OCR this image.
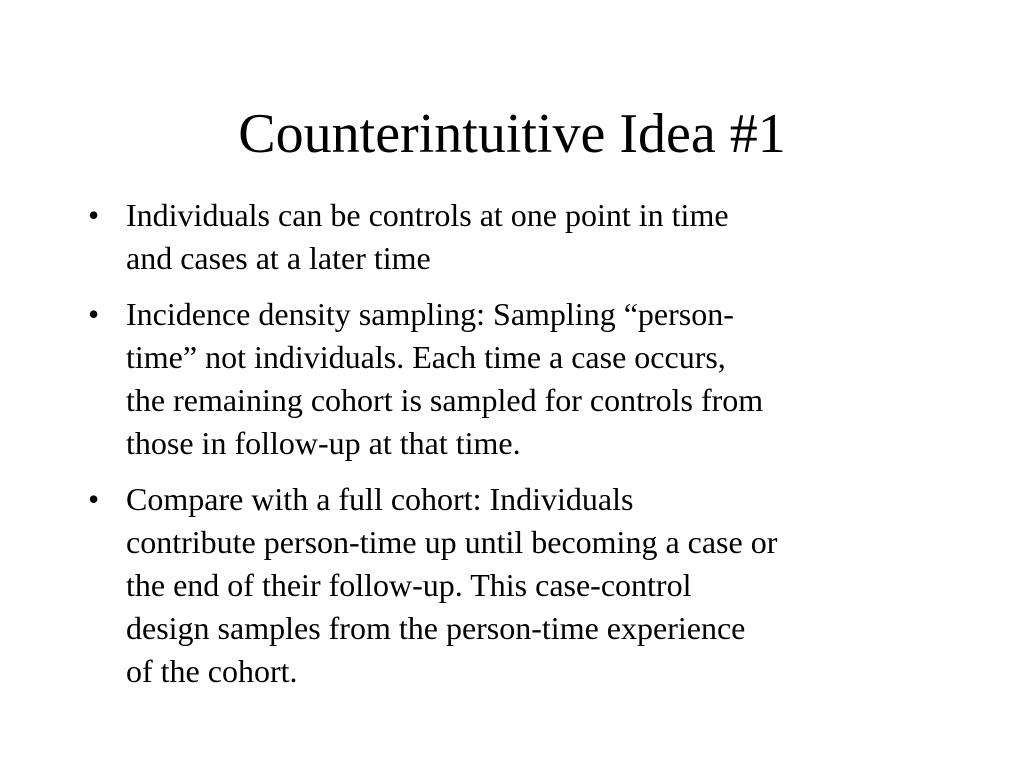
Counterintuitive Idea #1
• Individuals can be controls at one point in time
and cases at a later time
• Incidence density sampling: Sampling “person-
time” not individuals. Each time a case occurs,
the remaining cohort is sampled for controls from
those in follow-up at that time.
• Compare with a full cohort: Individuals
contribute person-time up until becoming a case or
the end of their follow-up. This case-control
design samples from the person-time experience
of the cohort.
